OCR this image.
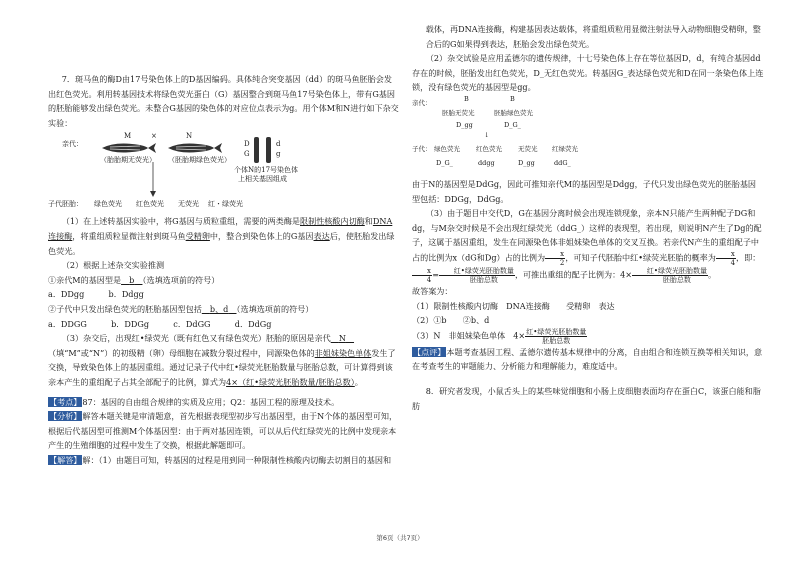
7．斑马鱼的酶D由17号染色体上的D基因编码。具体纯合突变基因（dd）的斑马鱼胚胎会发出红色荧光。利用转基因技术将绿色荧光蛋白（G）基因整合到斑马鱼17号染色体上，带有G基因的胚胎能够发出绿色荧光。未整合G基因的染色体的对应位点表示为g。用个体M和N进行如下杂交实验：

亲代：
M	×	N
（胎胎期无荧光） （胚胎期绿色荧光）
D
G
d
g
个体N的17号染色体
上相关基因组成
子代胚胎： 绿色荧光 红色荧光 无荧光 红・绿荧光

（1）在上述转基因实验中，将G基因与质粒重组，需要的两类酶是限制性核酸内切酶和DNA连接酶，将重组质粒显微注射到斑马鱼受精卵中，整合到染色体上的G基因表达后，使胚胎发出绿色荧光。

（2）根据上述杂交实验推测

①亲代M的基因型是　 b　 （选填选项前的符号）

a．DDgg　　　b．Ddgg

②子代中只发出绿色荧光的胚胎基因型包括　 b、d　 （选填选项前的符号）

a．DDGG　　　b．DDGg　　　c．DdGG　　　d．DdGg

（3）杂交后，出现红•绿荧光（既有红色又有绿色荧光）胚胎的原因是亲代　 N　（填“M”或“N”）的初级精（卵）母细胞在减数分裂过程中，同源染色体的非姐妹染色单体发生了交换，导致染色体上的基因重组。通过记录子代中红•绿荧光胚胎数量与胚胎总数，可计算得到该亲本产生的重组配子占其全部配子的比例，算式为4×（红•绿荧光胚胎数量/胚胎总数）。

【考点】87：基因的自由组合规律的实质及应用；Q2：基因工程的原理及技术。

【分析】解答本题关键是审清题意，首先根据表现型初步写出基因型，由于N个体的基因型可知，根据后代基因型可推测M个体基因型：由于两对基因连锁，可以从后代红绿荧光的比例中发现亲本产生的生殖细胞的过程中发生了交换，根据此解题即可。

【解答】解：（1）由题目可知，转基因的过程是用到同一种限制性核酸内切酶去切割目的基因和

载体，再DNA连接酶，构建基因表达载体，将重组质粒用显微注射法导入动物细胞受精卵，整合后的G如果得到表达，胚胎会发出绿色荧光。

（2）杂交试验是应用孟德尔的遗传规律，十七号染色体上存在等位基因D，d，有纯合基因dd存在的时候，胚胎发出红色荧光，D_无红色荧光。转基因G_表达绿色荧光和D在同一条染色体上连锁，没有绿色荧光的基因型是gg。

亲代：	B	B
胚胎无荧光	胚胎绿色荧光
D_gg	D_G_
↓
子代： 绿色荧光 红色荧光 无荧光 红绿荧光
D_G_	ddgg	D_gg	ddG_

由于N的基因型是DdGg，因此可推知亲代M的基因型是Ddgg，子代只发出绿色荧光的胚胎基因型包括：DDGg，DdGg。

（3）由于题目中交代D，G在基因分离时候会出现连锁现象，亲本N只能产生两种配子DG和dg，与M杂交时候是不会出现红绿荧光（ddG_）这样的表现型，若出现，则说明N产生了Dg的配子，这属于基因重组，发生在同源染色体非姐妹染色单体的交叉互换。若亲代N产生的重组配子中占的比例为x（dG和Dg）占的比例为 $\frac{x}{2}$ ，可知子代胚胎中红•绿荧光胚胎的概率为 $\frac{x}{4}$ ，即：
$\frac{x}{4} = \frac{\text{红•绿荧光胚胎数量}}{\text{胚胎总数}}$ ，可推出重组的配子比例为：$4\times \frac{\text{红•绿荧光胚胎数量}}{\text{胚胎总数}}$ 。

故答案为：

（1）限制性核酸内切酶　DNA连接酶　　受精卵　表达

（2）①b　　②b、d

（3）N　非姐妹染色单体　$4\times \frac{\text{红•绿荧光胚胎数量}}{\text{胚胎总数}}$

【点评】本题考查基因工程、孟德尔遗传基本规律中的分离，自由组合和连锁互换等相关知识，意在考查考生的审题能力、分析能力和理解能力，难度适中。

8．研究者发现，小鼠舌头上的某些味觉细胞和小肠上皮细胞表面均存在蛋白C，该蛋白能和脂肪

第6页（共7页）
